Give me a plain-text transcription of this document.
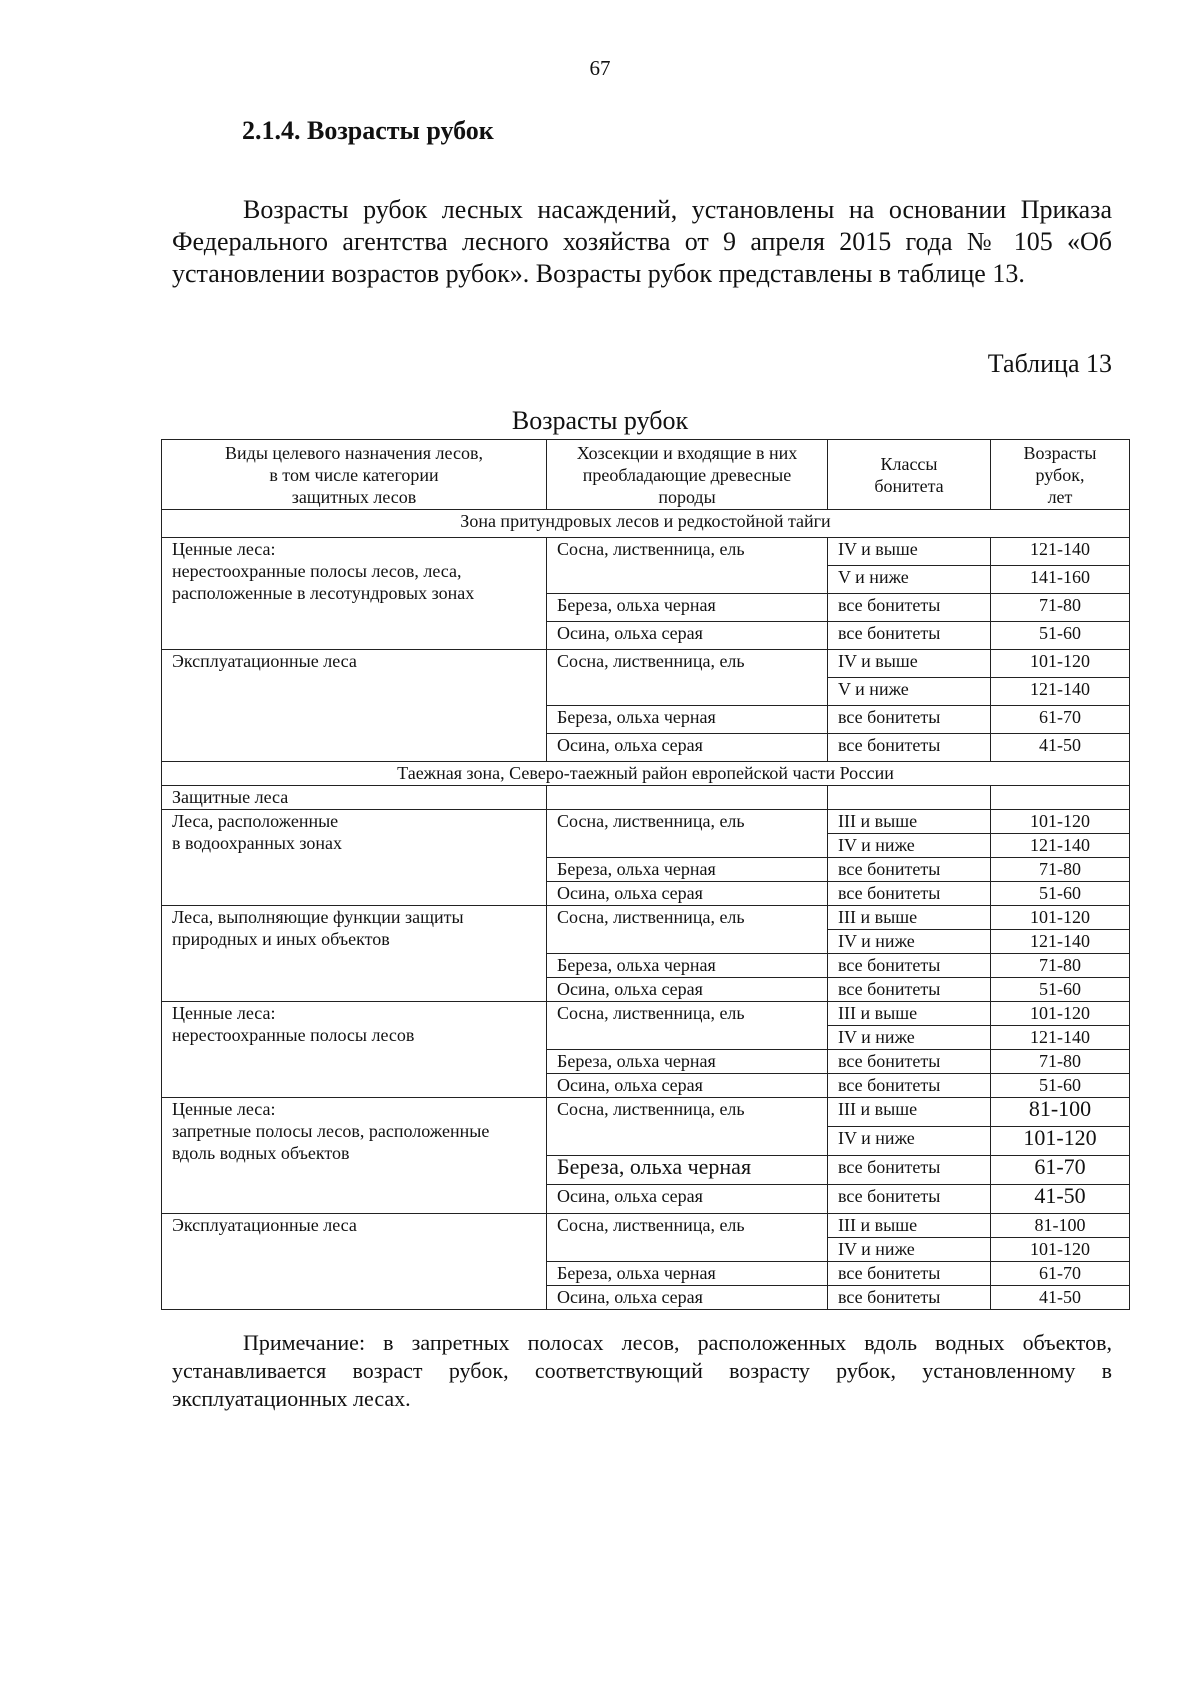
67
2.1.4. Возрасты рубок

Возрасты рубок лесных насаждений, установлены на основании Приказа Федерального агентства лесного хозяйства от 9 апреля 2015 года № 105 «Об установлении возрастов рубок». Возрасты рубок представлены в таблице 13.

Таблица 13
Возрасты рубок
Виды целевого назначения лесов,
в том числе категории
защитных лесов	Хозсекции и входящие в них
преобладающие древесные
породы	Классы
бонитета	Возрасты
рубок,
лет
Зона притундровых лесов и редкостойной тайги			
Ценные леса:
нерестоохранные полосы лесов, леса,
расположенные в лесотундровых зонах	Сосна, лиственница, ель	IV и выше	121-140
		V и ниже	141-160
	Береза, ольха черная	все бонитеты	71-80
	Осина, ольха серая	все бонитеты	51-60
Эксплуатационные леса	Сосна, лиственница, ель	IV и выше	101-120
		V и ниже	121-140
	Береза, ольха черная	все бонитеты	61-70
	Осина, ольха серая	все бонитеты	41-50
Таежная зона, Северо-таежный район европейской части России			
Защитные леса			
Леса, расположенные
в водоохранных зонах	Сосна, лиственница, ель	III и выше	101-120
		IV и ниже	121-140
	Береза, ольха черная	все бонитеты	71-80
	Осина, ольха серая	все бонитеты	51-60
Леса, выполняющие функции защиты
природных и иных объектов	Сосна, лиственница, ель	III и выше	101-120
		IV и ниже	121-140
	Береза, ольха черная	все бонитеты	71-80
	Осина, ольха серая	все бонитеты	51-60
Ценные леса:
нерестоохранные полосы лесов	Сосна, лиственница, ель	III и выше	101-120
		IV и ниже	121-140
	Береза, ольха черная	все бонитеты	71-80
	Осина, ольха серая	все бонитеты	51-60
Ценные леса:
запретные полосы лесов, расположенные
вдоль водных объектов	Сосна, лиственница, ель	III и выше	81-100
		IV и ниже	101-120
	Береза, ольха черная	все бонитеты	61-70
	Осина, ольха серая	все бонитеты	41-50
Эксплуатационные леса	Сосна, лиственница, ель	III и выше	81-100
		IV и ниже	101-120
	Береза, ольха черная	все бонитеты	61-70
	Осина, ольха серая	все бонитеты	41-50

Примечание: в запретных полосах лесов, расположенных вдоль водных объектов, устанавливается возраст рубок, соответствующий возрасту рубок, установленному в эксплуатационных лесах.
